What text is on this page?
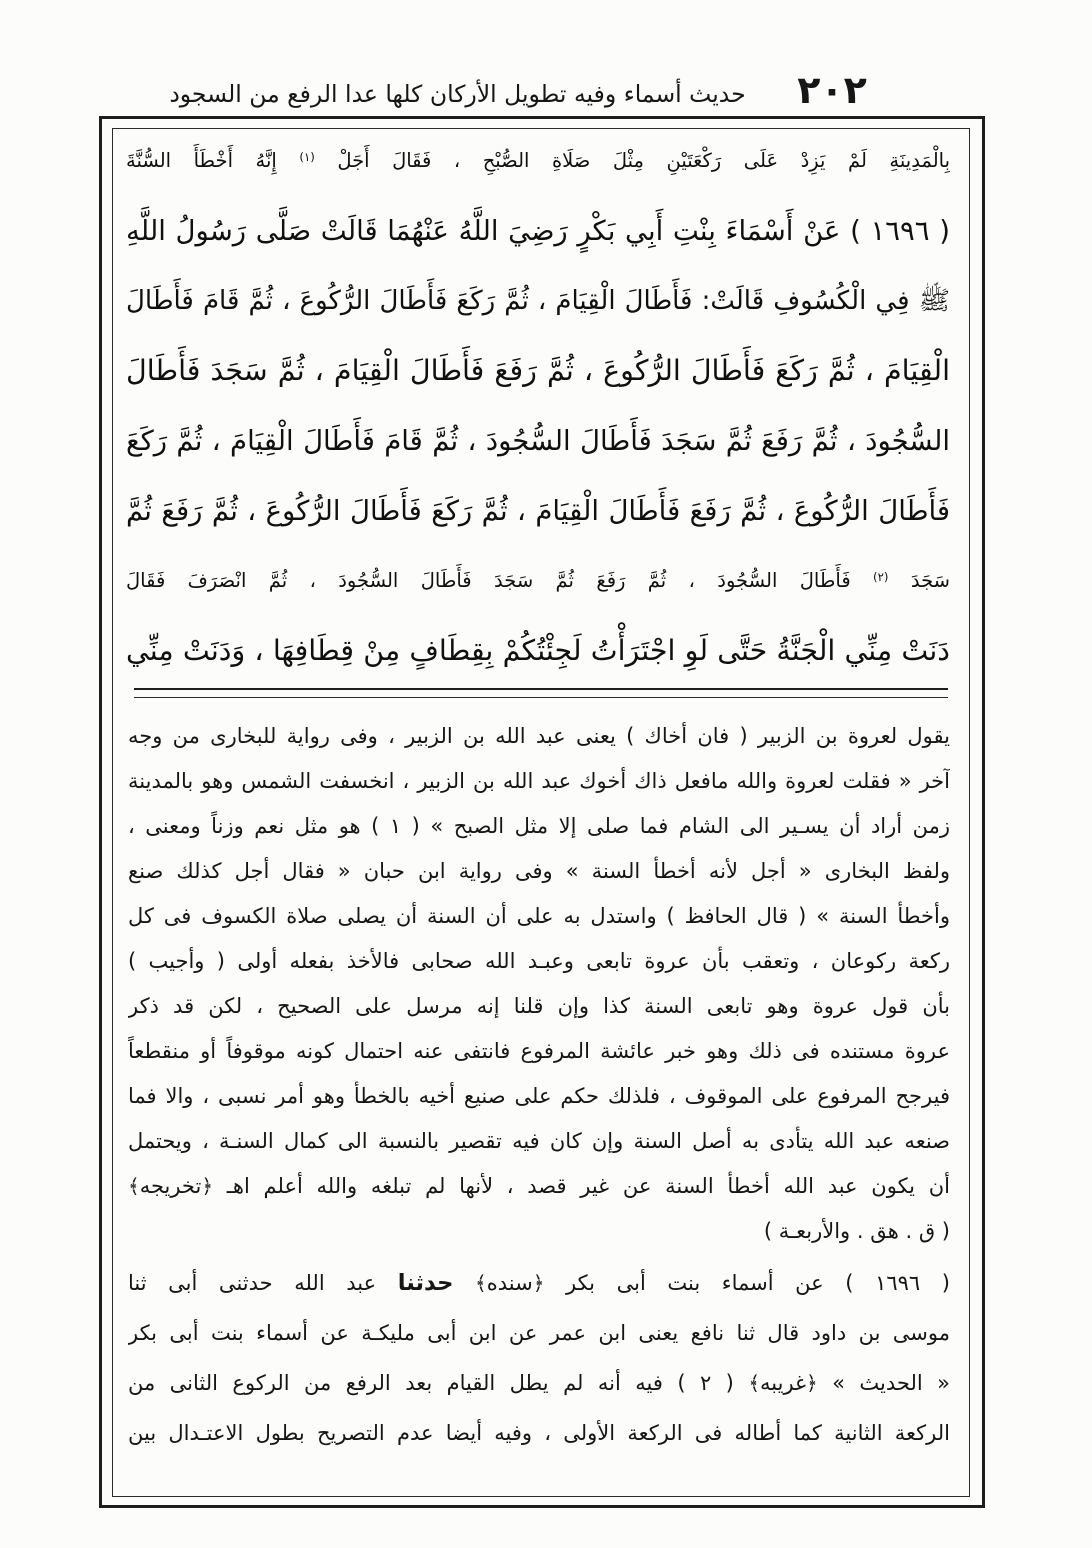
٢٠٢
حديث أسماء وفيه تطويل الأركان كلها عدا الرفع من السجود
بِالْمَدِينَةِ لَمْ يَزِدْ عَلَى رَكْعَتَيْنِ مِثْلَ صَلَاةِ الصُّبْحِ ، فَقَالَ أَجَلْ $^{(١)}$ إِنَّهُ أَخْطَأَ السُّنَّةَ
( ١٦٩٦ ) عَنْ أَسْمَاءَ بِنْتِ أَبِي بَكْرٍ رَضِيَ اللَّهُ عَنْهُمَا قَالَتْ صَلَّى رَسُولُ اللَّهِ
ﷺ فِي الْكُسُوفِ قَالَتْ: فَأَطَالَ الْقِيَامَ ، ثُمَّ رَكَعَ فَأَطَالَ الرُّكُوعَ ، ثُمَّ قَامَ فَأَطَالَ
الْقِيَامَ ، ثُمَّ رَكَعَ فَأَطَالَ الرُّكُوعَ ، ثُمَّ رَفَعَ فَأَطَالَ الْقِيَامَ ، ثُمَّ سَجَدَ فَأَطَالَ
السُّجُودَ ، ثُمَّ رَفَعَ ثُمَّ سَجَدَ فَأَطَالَ السُّجُودَ ، ثُمَّ قَامَ فَأَطَالَ الْقِيَامَ ، ثُمَّ رَكَعَ
فَأَطَالَ الرُّكُوعَ ، ثُمَّ رَفَعَ فَأَطَالَ الْقِيَامَ ، ثُمَّ رَكَعَ فَأَطَالَ الرُّكُوعَ ، ثُمَّ رَفَعَ ثُمَّ
سَجَدَ $^{(٢)}$ فَأَطَالَ السُّجُودَ ، ثُمَّ رَفَعَ ثُمَّ سَجَدَ فَأَطَالَ السُّجُودَ ، ثُمَّ انْصَرَفَ فَقَالَ
دَنَتْ مِنِّي الْجَنَّةُ حَتَّى لَوِ اجْتَرَأْتُ لَجِئْتُكُمْ بِقِطَافٍ مِنْ قِطَافِهَا ، وَدَنَتْ مِنِّي
يقول لعروة بن الزبير ( فان أخاك ) يعنى عبد الله بن الزبير ، وفى رواية للبخارى من وجه
آخر « فقلت لعروة والله مافعل ذاك أخوك عبد الله بن الزبير ، انخسفت الشمس وهو بالمدينة
زمن أراد أن يسـير الى الشام فما صلى إلا مثل الصبح » ( ١ ) هو مثل نعم وزناً ومعنى ،
ولفظ البخارى « أجل لأنه أخطأ السنة » وفى رواية ابن حبان « فقال أجل كذلك صنع
وأخطأ السنة » ( قال الحافظ ) واستدل به على أن السنة أن يصلى صلاة الكسوف فى كل
ركعة ركوعان ، وتعقب بأن عروة تابعى وعبـد الله صحابى فالأخذ بفعله أولى ( وأجيب )
بأن قول عروة وهو تابعى السنة كذا وإن قلنا إنه مرسل على الصحيح ، لكن قد ذكر
عروة مستنده فى ذلك وهو خبر عائشة المرفوع فانتفى عنه احتمال كونه موقوفاً أو منقطعاً
فيرجح المرفوع على الموقوف ، فلذلك حكم على صنيع أخيه بالخطأ وهو أمر نسبى ، والا فما
صنعه عبد الله يتأدى به أصل السنة وإن كان فيه تقصير بالنسبة الى كمال السنـة ، ويحتمل
أن يكون عبد الله أخطأ السنة عن غير قصد ، لأنها لم تبلغه والله أعلم اهـ ﴿ تخريجه ﴾
( ق . هق . والأربعـة )
( ١٦٩٦ ) عن أسماء بنت أبى بكر ﴿ سنده ﴾ حدثنا عبد الله حدثنى أبى ثنا
موسى بن داود قال ثنا نافع يعنى ابن عمر عن ابن أبى مليكـة عن أسماء بنت أبى بكر
« الحديث » ﴿ غريبه ﴾ ( ٢ ) فيه أنه لم يطل القيام بعد الرفع من الركوع الثانى من
الركعة الثانية كما أطاله فى الركعة الأولى ، وفيه أيضا عدم التصريح بطول الاعتـدال بين
